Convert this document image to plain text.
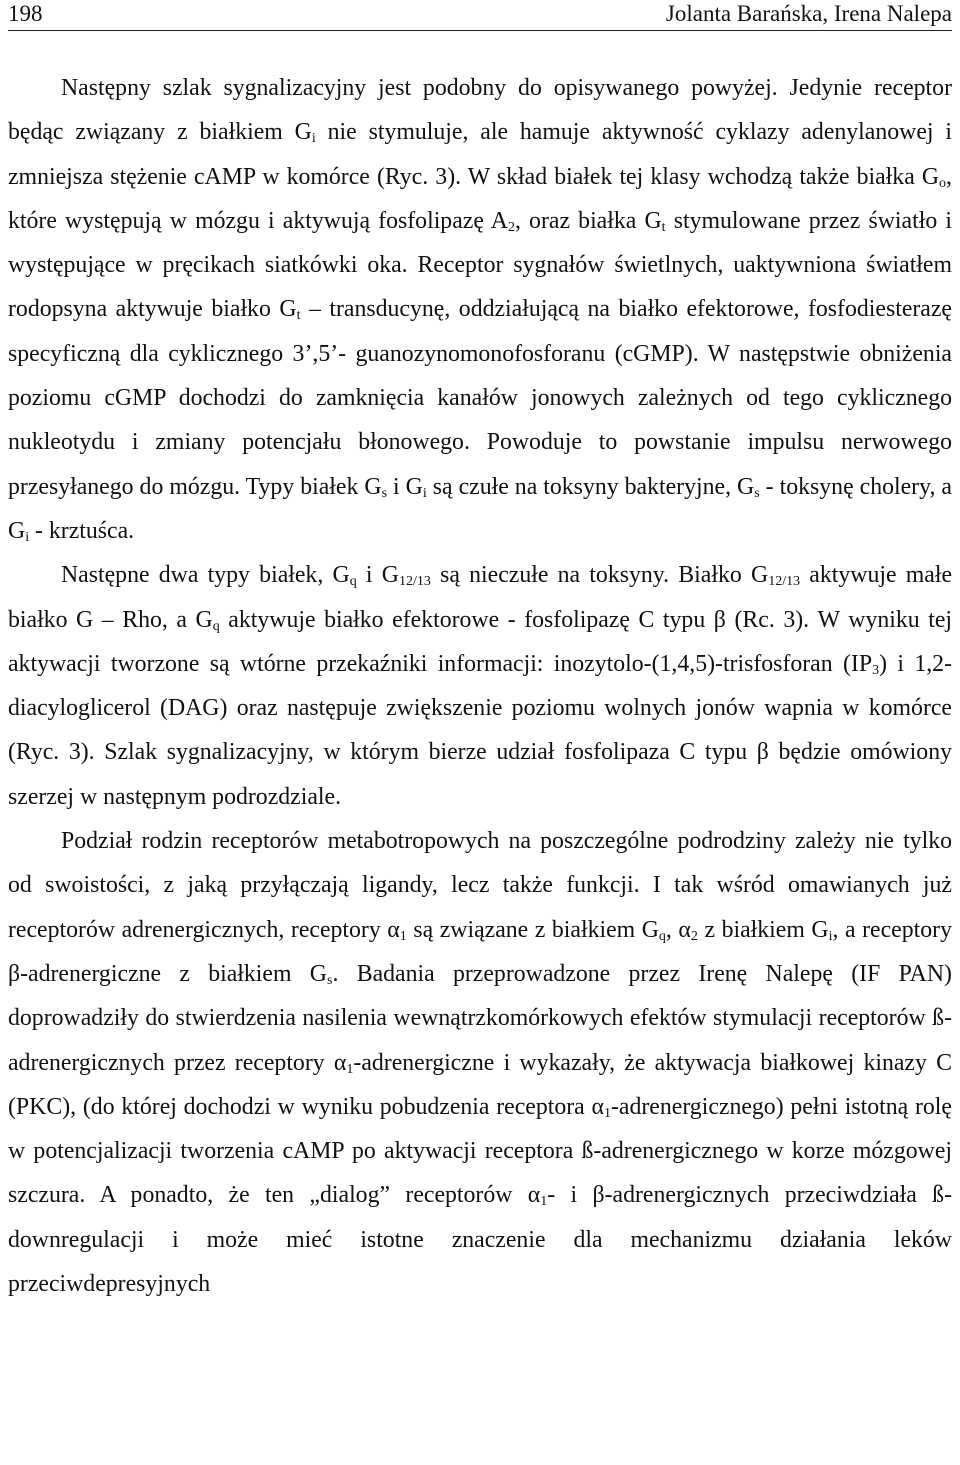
198	Jolanta Barańska, Irena Nalepa

Następny szlak sygnalizacyjny jest podobny do opisywanego powyżej. Jedynie receptor będąc związany z białkiem $G_i$ nie stymuluje, ale hamuje aktywność cyklazy adenylanowej i zmniejsza stężenie cAMP w komórce (Ryc. 3). W skład białek tej klasy wchodzą także białka $G_o$, które występują w mózgu i aktywują fosfolipazę $A_2$, oraz białka $G_t$ stymulowane przez światło i występujące w pręcikach siatkówki oka. Receptor sygnałów świetlnych, uaktywniona światłem rodopsyna aktywuje białko $G_t$ – transducynę, oddziałującą na białko efektorowe, fosfodiesterazę specyficzną dla cyklicznego 3’,5’- guanozynomonofosforanu (cGMP). W następstwie obniżenia poziomu cGMP dochodzi do zamknięcia kanałów jonowych zależnych od tego cyklicznego nukleotydu i zmiany potencjału błonowego. Powoduje to powstanie impulsu nerwowego przesyłanego do mózgu. Typy białek $G_s$ i $G_i$ są czułe na toksyny bakteryjne, $G_s$ - toksynę cholery, a $G_i$ - krztuśca.

Następne dwa typy białek, $G_q$ i $G_{12/13}$ są nieczułe na toksyny. Białko $G_{12/13}$ aktywuje małe białko G – Rho, a $G_q$ aktywuje białko efektorowe - fosfolipazę C typu β (Rc. 3). W wyniku tej aktywacji tworzone są wtórne przekaźniki informacji: inozytolo-(1,4,5)-trisfosforan $(IP_3)$ i 1,2-diacyloglicerol (DAG) oraz następuje zwiększenie poziomu wolnych jonów wapnia w komórce (Ryc. 3). Szlak sygnalizacyjny, w którym bierze udział fosfolipaza C typu β będzie omówiony szerzej w następnym podrozdziale.

Podział rodzin receptorów metabotropowych na poszczególne podrodziny zależy nie tylko od swoistości, z jaką przyłączają ligandy, lecz także funkcji. I tak wśród omawianych już receptorów adrenergicznych, receptory $\alpha_1$ są związane z białkiem $G_q$, $\alpha_2$ z białkiem $G_i$, a receptory β-adrenergiczne z białkiem $G_s$. Badania przeprowadzone przez Irenę Nalepę (IF PAN) doprowadziły do stwierdzenia nasilenia wewnątrzkomórkowych efektów stymulacji receptorów ß-adrenergicznych przez receptory $\alpha_1$-adrenergiczne i wykazały, że aktywacja białkowej kinazy C (PKC), (do której dochodzi w wyniku pobudzenia receptora $\alpha_1-adrenergicznego$) pełni istotną rolę w potencjalizacji tworzenia cAMP po aktywacji receptora ß-adrenergicznego w korze mózgowej szczura. A ponadto, że ten „dialog” receptorów $\alpha_1-$ i β-adrenergicznych przeciwdziała ß-downregulacji i może mieć istotne znaczenie dla mechanizmu działania leków przeciwdepresyjnych
